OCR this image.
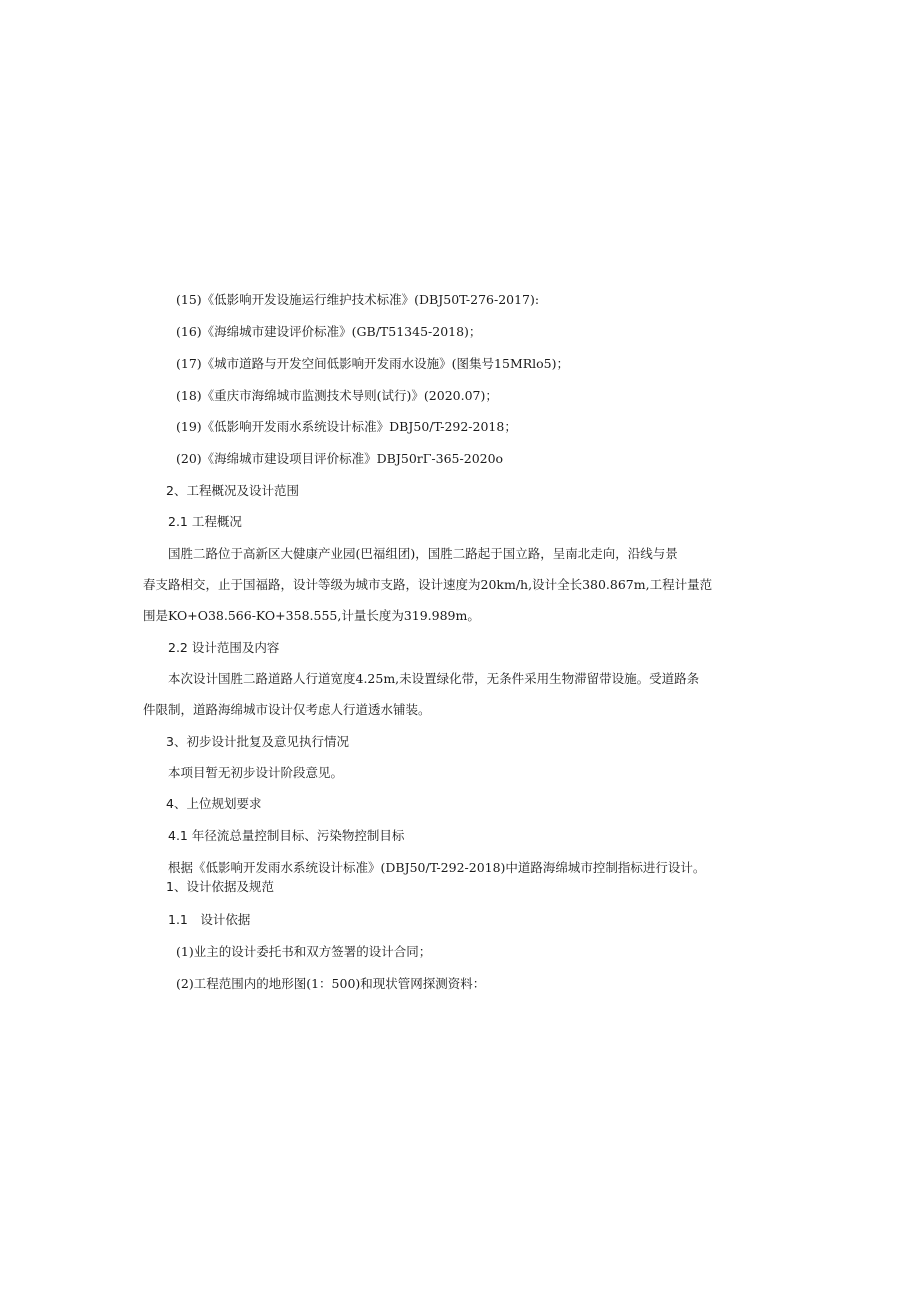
(15)《低影响开发设施运行维护技术标准》(DBJ50T-276-2017):
(16)《海绵城市建设评价标准》(GB/T51345-2018)；
(17)《城市道路与开发空间低影响开发雨水设施》(图集号15MRlo5)；
(18)《重庆市海绵城市监测技术导则(试行)》(2020.07)；
(19)《低影响开发雨水系统设计标准》DBJ50/T-292-2018；
(20)《海绵城市建设项目评价标准》DBJ50rΓ-365-2020o
2、工程概况及设计范围
2.1 工程概况
国胜二路位于高新区大健康产业园(巴福组团)，国胜二路起于国立路，呈南北走向，沿线与景
春支路相交，止于国福路，设计等级为城市支路，设计速度为20km/h,设计全长380.867m,工程计量范
围是KO+O38.566-KO+358.555,计量长度为319.989m。
2.2 设计范围及内容
本次设计国胜二路道路人行道宽度4.25m,未设置绿化带，无条件采用生物滞留带设施。受道路条
件限制，道路海绵城市设计仅考虑人行道透水铺装。
3、初步设计批复及意见执行情况
本项目暂无初步设计阶段意见。
4、上位规划要求
4.1 年径流总量控制目标、污染物控制目标
根据《低影响开发雨水系统设计标准》(DBJ50/T-292-2018)中道路海绵城市控制指标进行设计。
1、设计依据及规范
1.1　设计依据
(1)业主的设计委托书和双方签署的设计合同；
(2)工程范围内的地形图(1：500)和现状管网探测资料：
